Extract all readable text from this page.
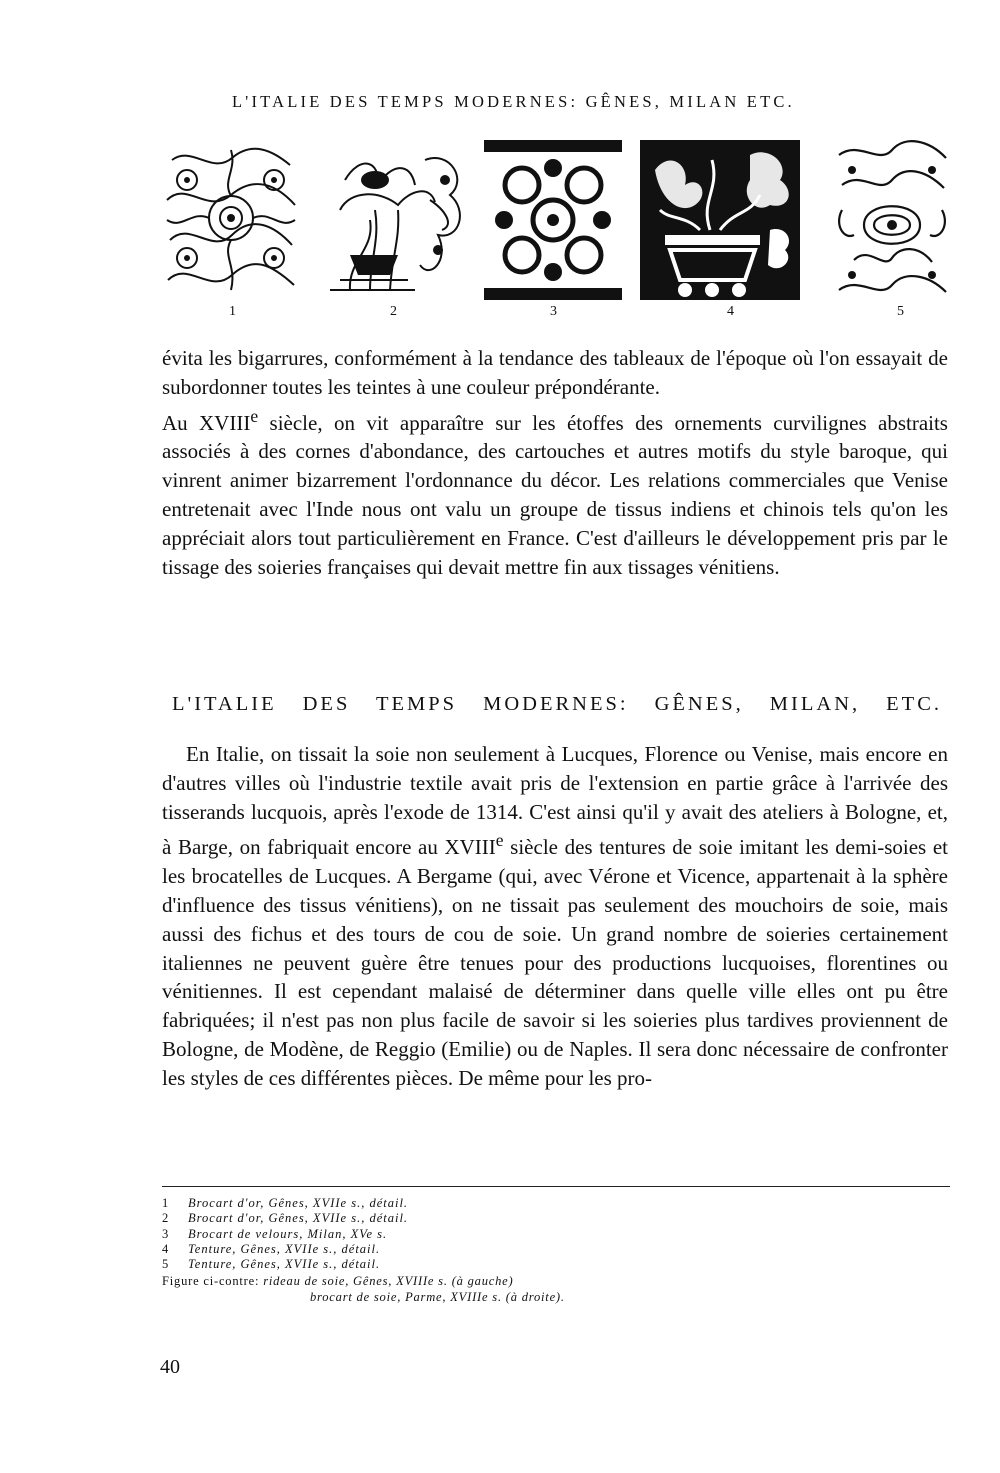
L'ITALIE DES TEMPS MODERNES: GÊNES, MILAN ETC.
1	2	3	4	5

évita les bigarrures, conformément à la tendance des tableaux de l'époque où l'on essayait de subordonner toutes les teintes à une couleur prépondérante.

Au XVIIIe siècle, on vit apparaître sur les étoffes des ornements curvilignes abstraits associés à des cornes d'abondance, des cartouches et autres motifs du style baroque, qui vinrent animer bizarrement l'ordonnance du décor. Les relations commerciales que Venise entretenait avec l'Inde nous ont valu un groupe de tissus indiens et chinois tels qu'on les appréciait alors tout particulièrement en France. C'est d'ailleurs le développement pris par le tissage des soieries françaises qui devait mettre fin aux tissages vénitiens.

L'ITALIE DES TEMPS MODERNES: GÊNES, MILAN, ETC.

En Italie, on tissait la soie non seulement à Lucques, Florence ou Venise, mais encore en d'autres villes où l'industrie textile avait pris de l'extension en partie grâce à l'arrivée des tisserands lucquois, après l'exode de 1314. C'est ainsi qu'il y avait des ateliers à Bologne, et, à Barge, on fabriquait encore au XVIIIe siècle des tentures de soie imitant les demi-soies et les brocatelles de Lucques. A Bergame (qui, avec Vérone et Vicence, appartenait à la sphère d'influence des tissus vénitiens), on ne tissait pas seulement des mouchoirs de soie, mais aussi des fichus et des tours de cou de soie. Un grand nombre de soieries certainement italiennes ne peuvent guère être tenues pour des productions lucquoises, florentines ou vénitiennes. Il est cependant malaisé de déterminer dans quelle ville elles ont pu être fabriquées; il n'est pas non plus facile de savoir si les soieries plus tardives proviennent de Bologne, de Modène, de Reggio (Emilie) ou de Naples. Il sera donc nécessaire de confronter les styles de ces différentes pièces. De même pour les pro-

1 Brocart d'or, Gênes, XVIIe s., détail.
2 Brocart d'or, Gênes, XVIIe s., détail.
3 Brocart de velours, Milan, XVe s.
4 Tenture, Gênes, XVIIe s., détail.
5 Tenture, Gênes, XVIIe s., détail.
Figure ci-contre: rideau de soie, Gênes, XVIIIe s. (à gauche)
brocart de soie, Parme, XVIIIe s. (à droite).
40
